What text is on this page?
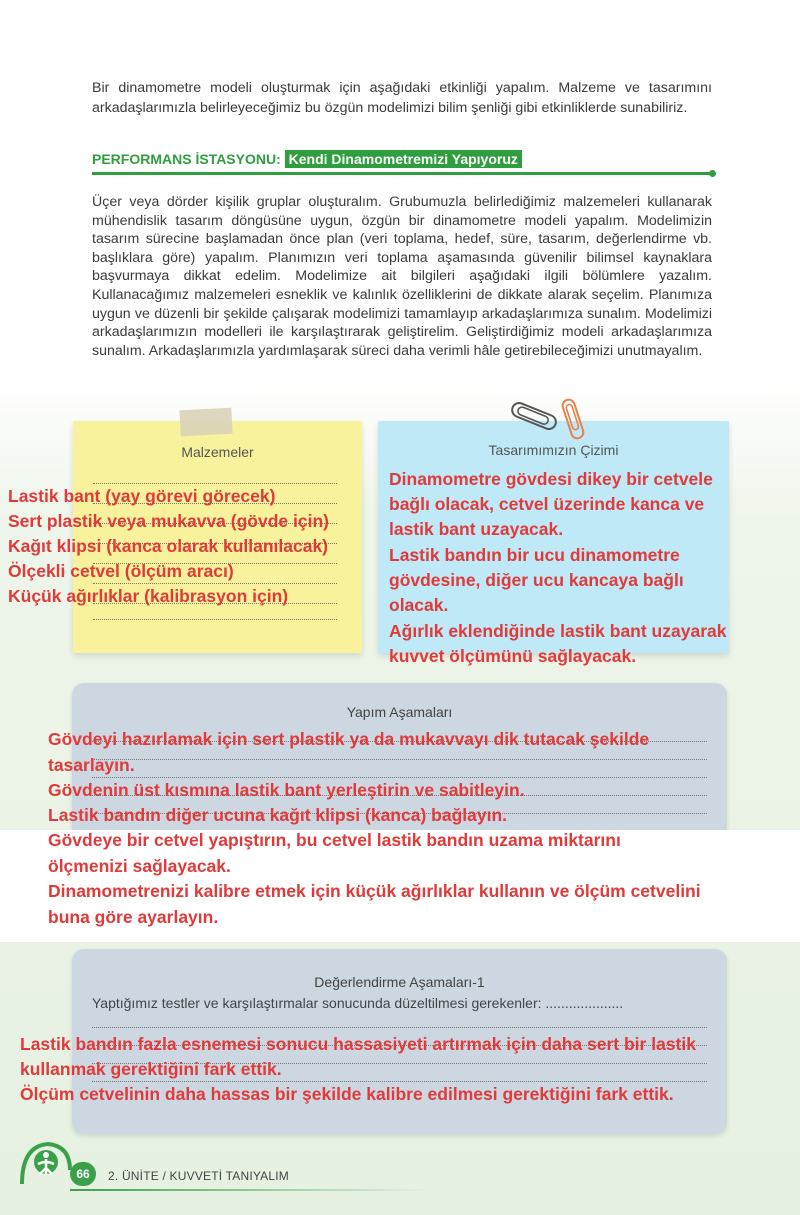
Bir dinamometre modeli oluşturmak için aşağıdaki etkinliği yapalım. Malzeme ve tasarımını arkadaşlarımızla belirleyeceğimiz bu özgün modelimizi bilim şenliği gibi etkinliklerde sunabiliriz.
PERFORMANS İSTASYONU: Kendi Dinamometremizi Yapıyoruz
Üçer veya dörder kişilik gruplar oluşturalım. Grubumuzla belirlediğimiz malzemeleri kullanarak mühendislik tasarım döngüsüne uygun, özgün bir dinamometre modeli yapalım. Modelimizin tasarım sürecine başlamadan önce plan (veri toplama, hedef, süre, tasarım, değerlendirme vb. başlıklara göre) yapalım. Planımızın veri toplama aşamasında güvenilir bilimsel kaynaklara başvurmaya dikkat edelim. Modelimize ait bilgileri aşağıdaki ilgili bölümlere yazalım. Kullanacağımız malzemeleri esneklik ve kalınlık özelliklerini de dikkate alarak seçelim. Planımıza uygun ve düzenli bir şekilde çalışarak modelimizi tamamlayıp arkadaşlarımıza sunalım. Modelimizi arkadaşlarımızın modelleri ile karşılaştırarak geliştirelim. Geliştirdiğimiz modeli arkadaşlarımıza sunalım. Arkadaşlarımızla yardımlaşarak süreci daha verimli hâle getirebileceğimizi unutmayalım.
Malzemeler	Tasarımımızın Çizimi
Yapım Aşamaları
Değerlendirme Aşamaları-1
Yaptığımız testler ve karşılaştırmalar sonucunda düzeltilmesi gerekenler: ....................
Lastik bant (yay görevi görecek)
Sert plastik veya mukavva (gövde için)
Kağıt klipsi (kanca olarak kullanılacak)
Ölçekli cetvel (ölçüm aracı)
Küçük ağırlıklar (kalibrasyon için)
Dinamometre gövdesi dikey bir cetvele
bağlı olacak, cetvel üzerinde kanca ve
lastik bant uzayacak.
Lastik bandın bir ucu dinamometre
gövdesine, diğer ucu kancaya bağlı
olacak.
Ağırlık eklendiğinde lastik bant uzayarak
kuvvet ölçümünü sağlayacak.
Gövdeyi hazırlamak için sert plastik ya da mukavvayı dik tutacak şekilde
tasarlayın.
Gövdenin üst kısmına lastik bant yerleştirin ve sabitleyin.
Lastik bandın diğer ucuna kağıt klipsi (kanca) bağlayın.
Gövdeye bir cetvel yapıştırın, bu cetvel lastik bandın uzama miktarını
ölçmenizi sağlayacak.
Dinamometrenizi kalibre etmek için küçük ağırlıklar kullanın ve ölçüm cetvelini
buna göre ayarlayın.
Lastik bandın fazla esnemesi sonucu hassasiyeti artırmak için daha sert bir lastik
kullanmak gerektiğini fark ettik.
Ölçüm cetvelinin daha hassas bir şekilde kalibre edilmesi gerektiğini fark ettik.
66	2. ÜNİTE / KUVVETİ TANIYALIM
